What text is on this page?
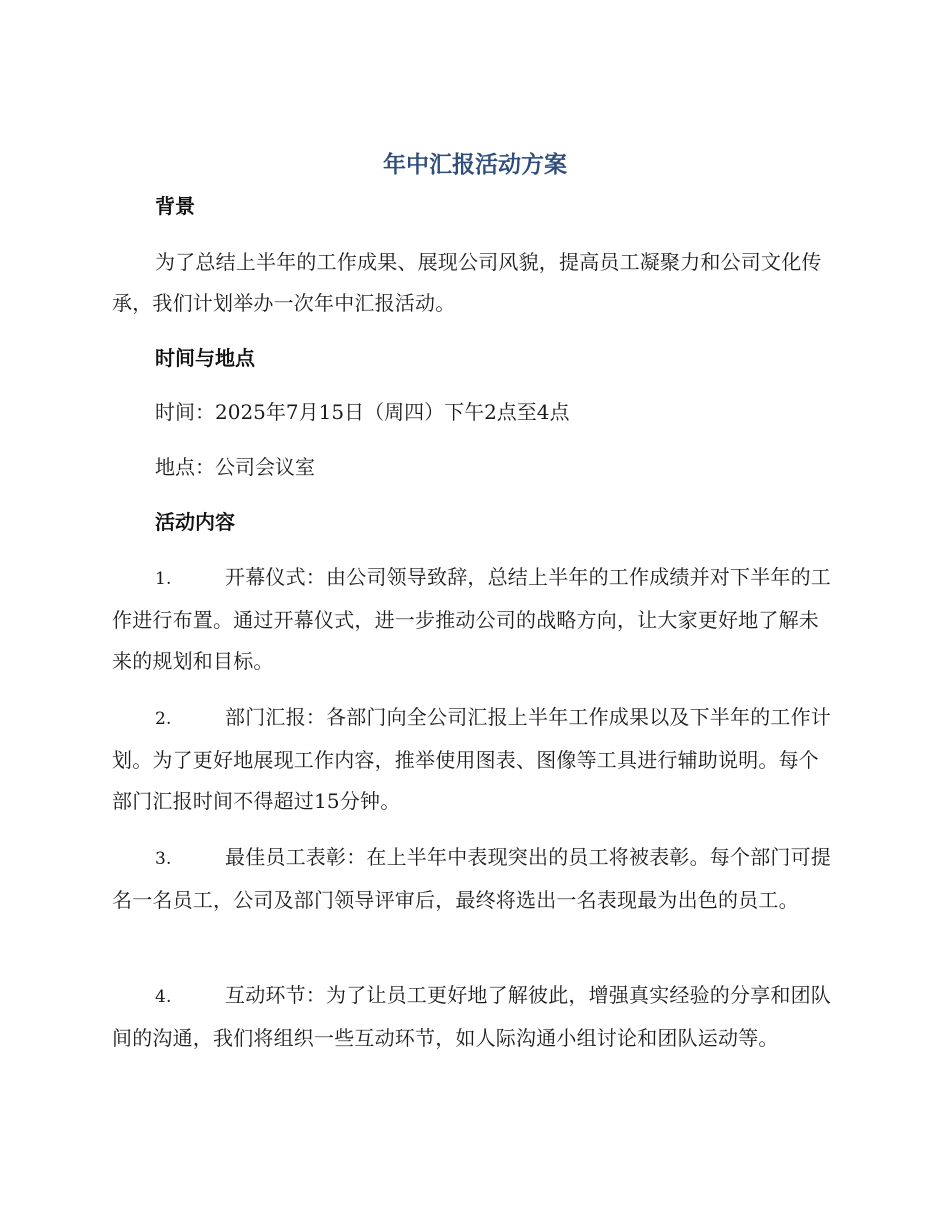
年中汇报活动方案
背景

为了总结上半年的工作成果、展现公司风貌，提高员工凝聚力和公司文化传承，我们计划举办一次年中汇报活动。

时间与地点

时间：2025年7月15日（周四）下午2点至4点

地点：公司会议室

活动内容
1.	开幕仪式：由公司领导致辞，总结上半年的工作成绩并对下半年的工作进行布置。通过开幕仪式，进一步推动公司的战略方向，让大家更好地了解未来的规划和目标。
2.	部门汇报：各部门向全公司汇报上半年工作成果以及下半年的工作计划。为了更好地展现工作内容，推举使用图表、图像等工具进行辅助说明。每个部门汇报时间不得超过15分钟。
3.	最佳员工表彰：在上半年中表现突出的员工将被表彰。每个部门可提名一名员工，公司及部门领导评审后，最终将选出一名表现最为出色的员工。
4.	互动环节：为了让员工更好地了解彼此，增强真实经验的分享和团队间的沟通，我们将组织一些互动环节，如人际沟通小组讨论和团队运动等。
